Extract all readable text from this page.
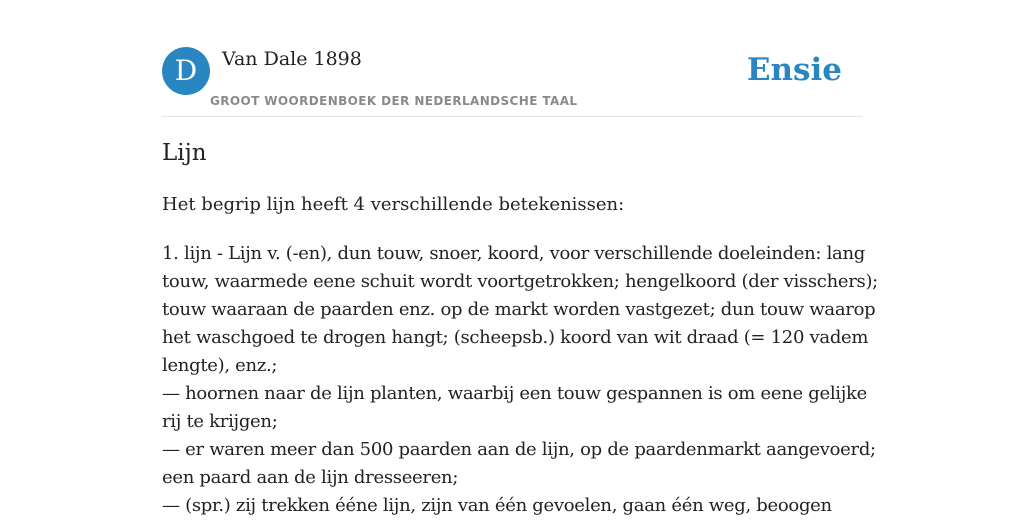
D	Van Dale 1898
GROOT WOORDENBOEK DER NEDERLANDSCHE TAAL
Ensie
Lijn

Het begrip lijn heeft 4 verschillende betekenissen:

1. lijn - Lijn v. (-en), dun touw, snoer, koord, voor verschillende doeleinden: lang
touw, waarmede eene schuit wordt voortgetrokken; hengelkoord (der visschers);
touw waaraan de paarden enz. op de markt worden vastgezet; dun touw waarop
het waschgoed te drogen hangt; (scheepsb.) koord van wit draad (= 120 vadem
lengte), enz.;
— hoornen naar de lijn planten, waarbij een touw gespannen is om eene gelijke
rij te krijgen;
— er waren meer dan 500 paarden aan de lijn, op de paardenmarkt aangevoerd;
een paard aan de lijn dresseeren;
— (spr.) zij trekken éénе lijn, zijn van één gevoelen, gaan één weg, beoogen
